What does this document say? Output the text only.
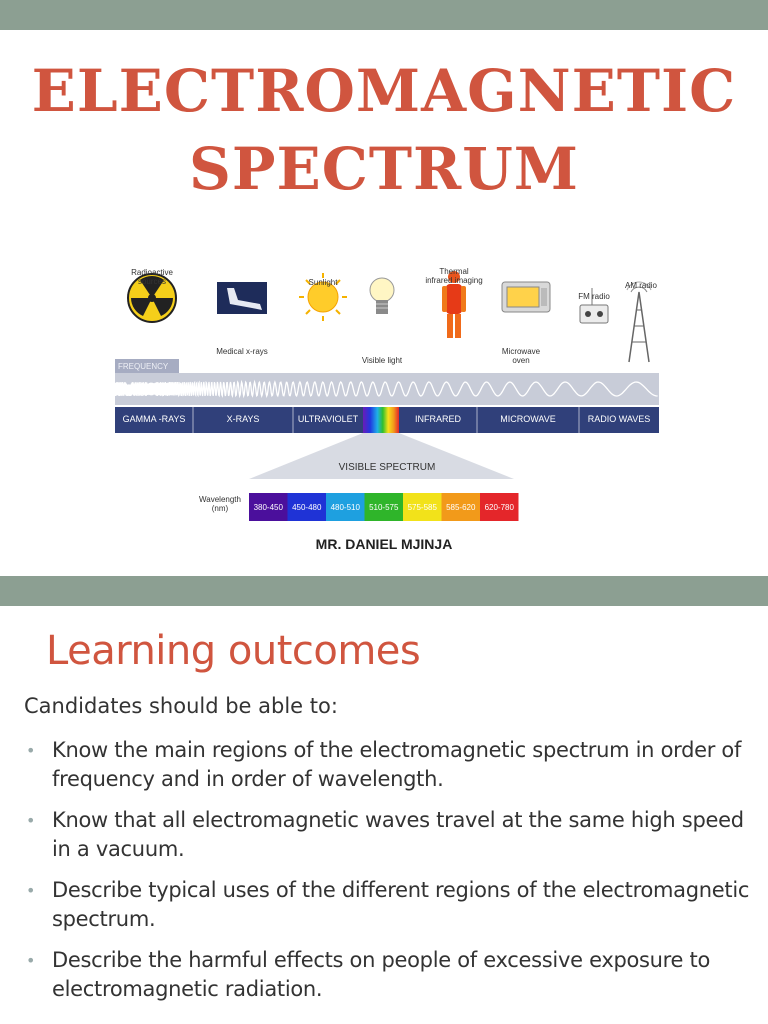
ELECTROMAGNETIC
SPECTRUM
Radioactive
sources
Medical x-rays
Sunlight
Visible light
Thermal
infrared imaging
Microwave
oven
FM radio
AM radio
FREQUENCY
GAMMA -RAYS	X-RAYS	ULTRAVIOLET	INFRARED	MICROWAVE	RADIO WAVES
VISIBLE SPECTRUM
Wavelength
(nm)	380-450	450-480	480-510	510-575	575-585	585-620	620-780
MR. DANIEL MJINJA
Learning outcomes
Candidates should be able to:
• Know the main regions of the electromagnetic spectrum in order of frequency and in order of wavelength.
• Know that all electromagnetic waves travel at the same high speed in a vacuum.
• Describe typical uses of the different regions of the electromagnetic spectrum.
• Describe the harmful effects on people of excessive exposure to electromagnetic radiation.
